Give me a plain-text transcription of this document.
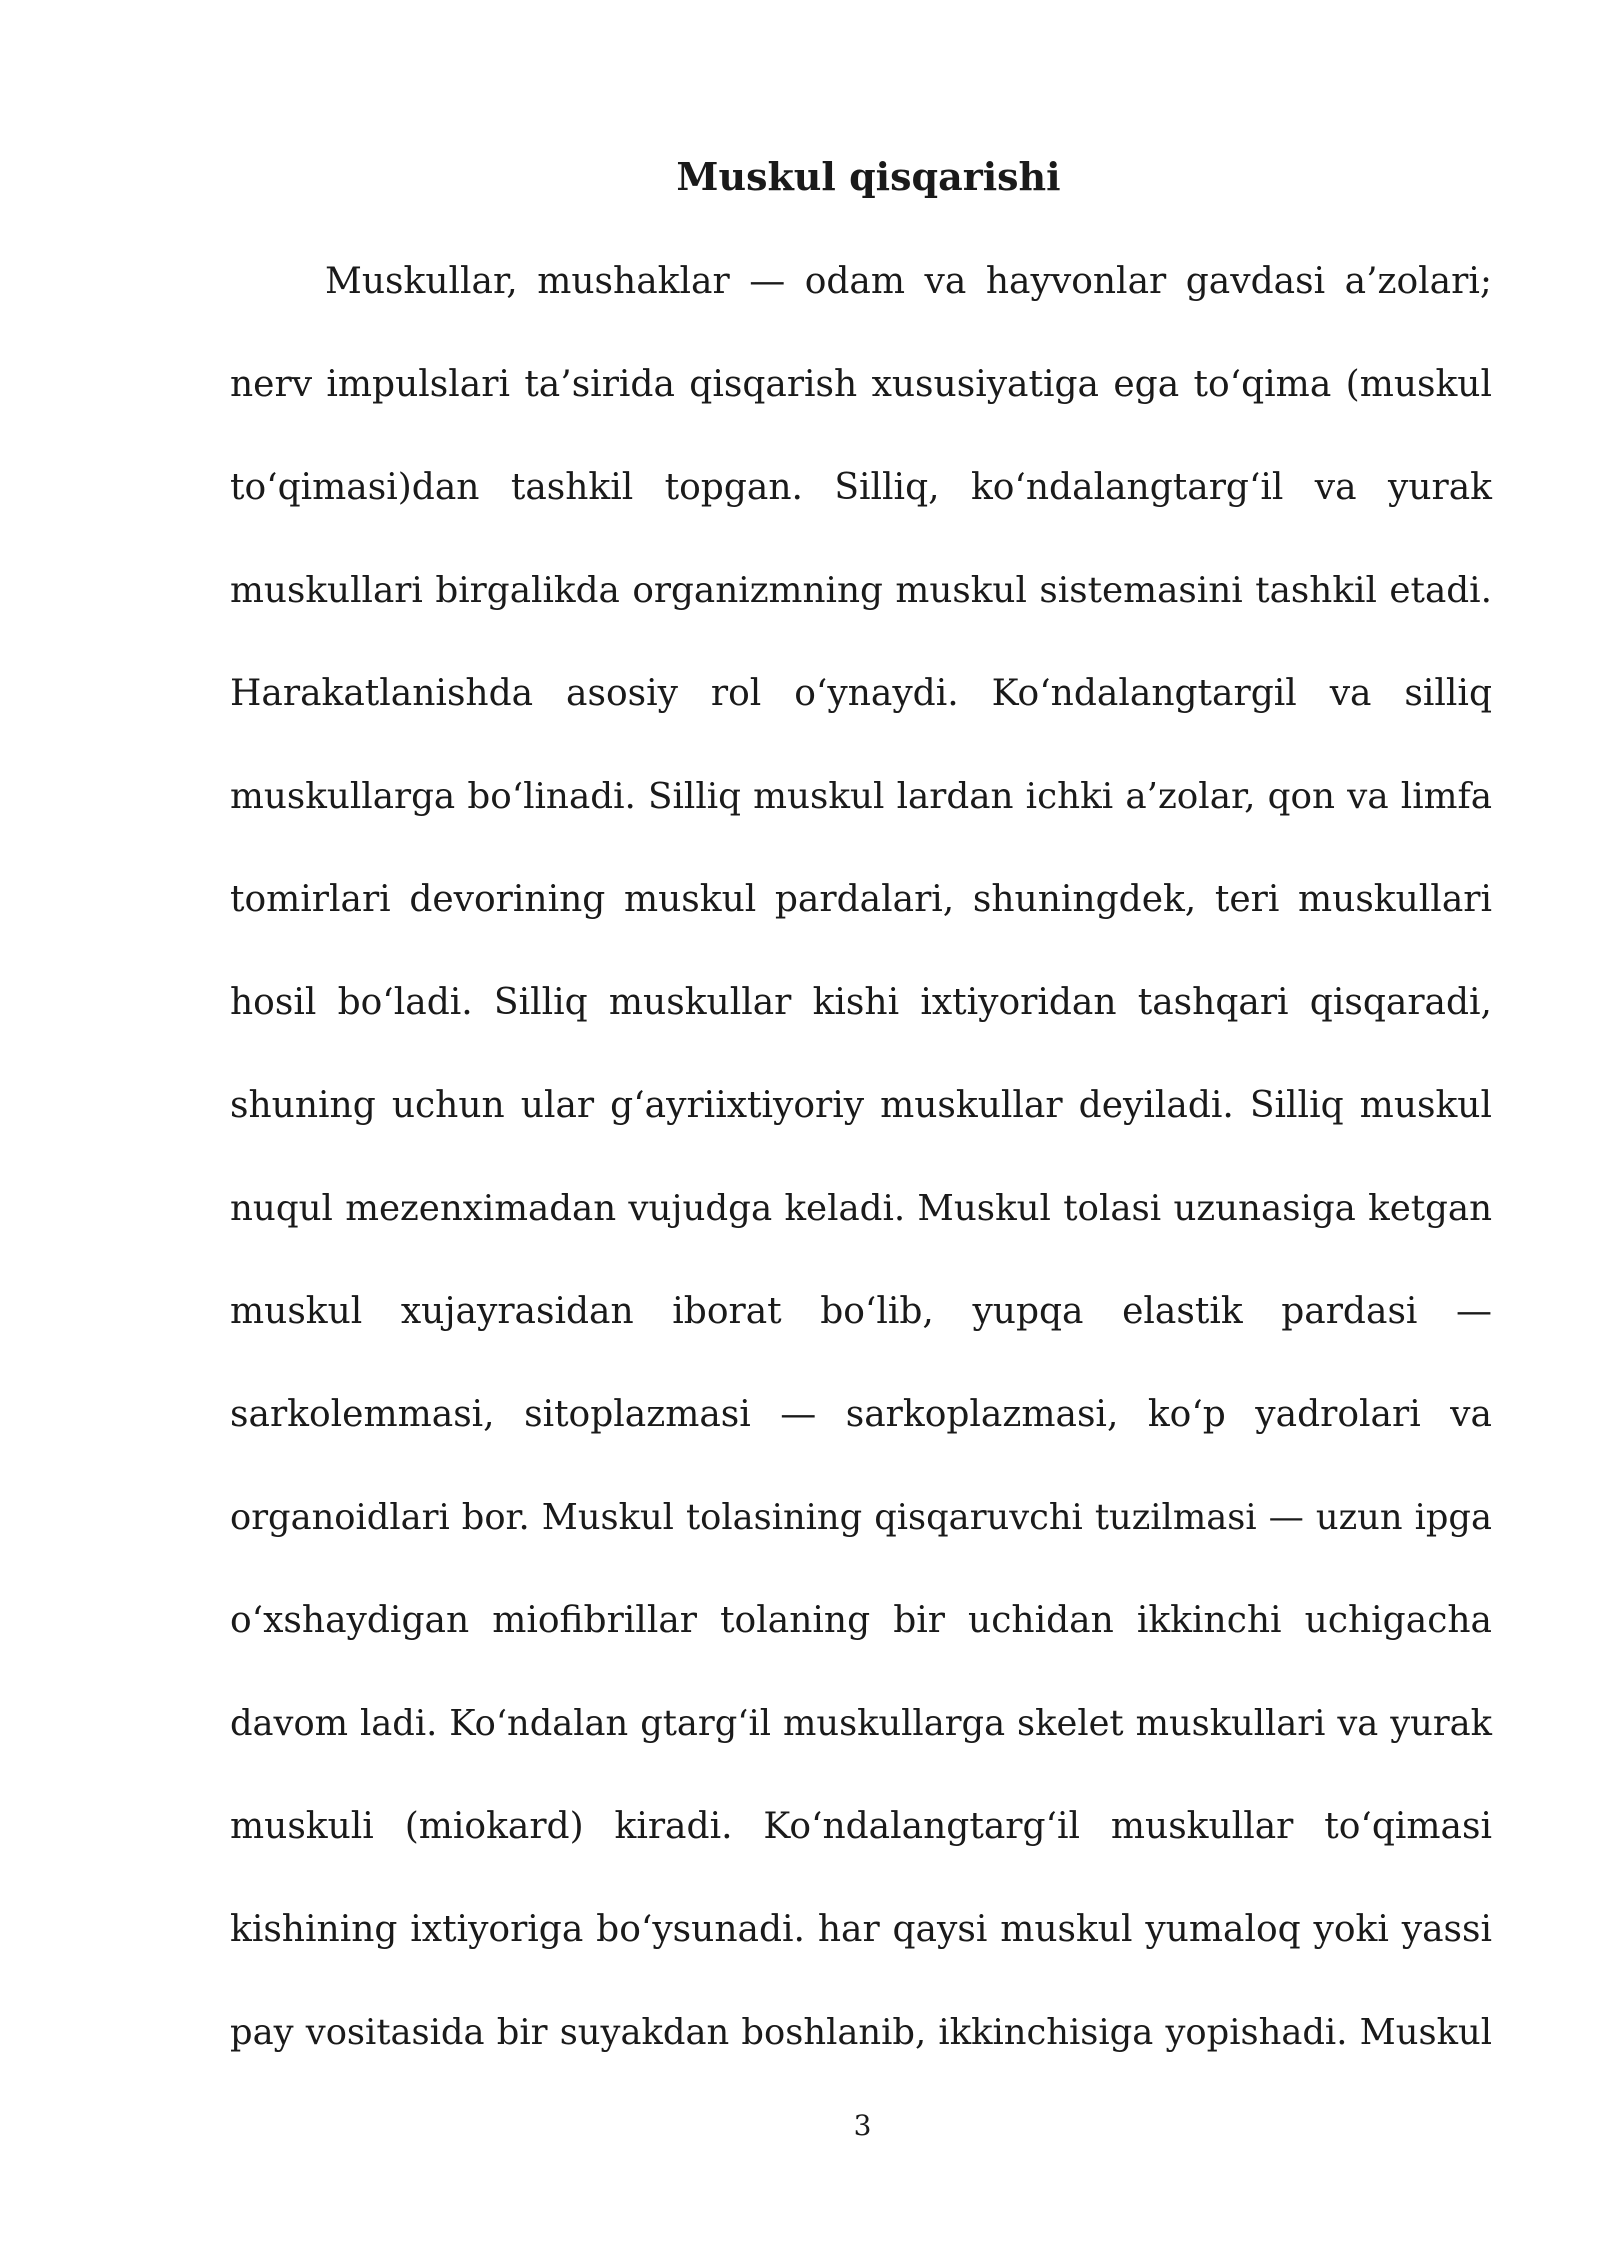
Muskul qisqarishi
Muskullar, mushaklar — odam va hayvonlar gavdasi a’zolari;
nerv impulslari ta’sirida qisqarish xususiyatiga ega to‘qima (muskul
to‘qimasi)dan tashkil topgan. Silliq, ko‘ndalangtarg‘il va yurak
muskullari birgalikda organizmning muskul sistemasini tashkil etadi.
Harakatlanishda asosiy rol o‘ynaydi. Ko‘ndalangtargil va silliq
muskullarga bo‘linadi. Silliq muskul lardan ichki a’zolar, qon va limfa
tomirlari devorining muskul pardalari, shuningdek, teri muskullari
hosil bo‘ladi. Silliq muskullar kishi ixtiyoridan tashqari qisqaradi,
shuning uchun ular g‘ayriixtiyoriy muskullar deyiladi. Silliq muskul
nuqul mezenximadan vujudga keladi. Muskul tolasi uzunasiga ketgan
muskul xujayrasidan iborat bo‘lib, yupqa elastik pardasi —
sarkolemmasi, sitoplazmasi — sarkoplazmasi, ko‘p yadrolari va
organoidlari bor. Muskul tolasining qisqaruvchi tuzilmasi — uzun ipga
o‘xshaydigan miofibrillar tolaning bir uchidan ikkinchi uchigacha
davom ladi. Ko‘ndalan gtarg‘il muskullarga skelet muskullari va yurak
muskuli (miokard) kiradi. Ko‘ndalangtarg‘il muskullar to‘qimasi
kishining ixtiyoriga bo‘ysunadi. har qaysi muskul yumaloq yoki yassi
pay vositasida bir suyakdan boshlanib, ikkinchisiga yopishadi. Muskul
3
